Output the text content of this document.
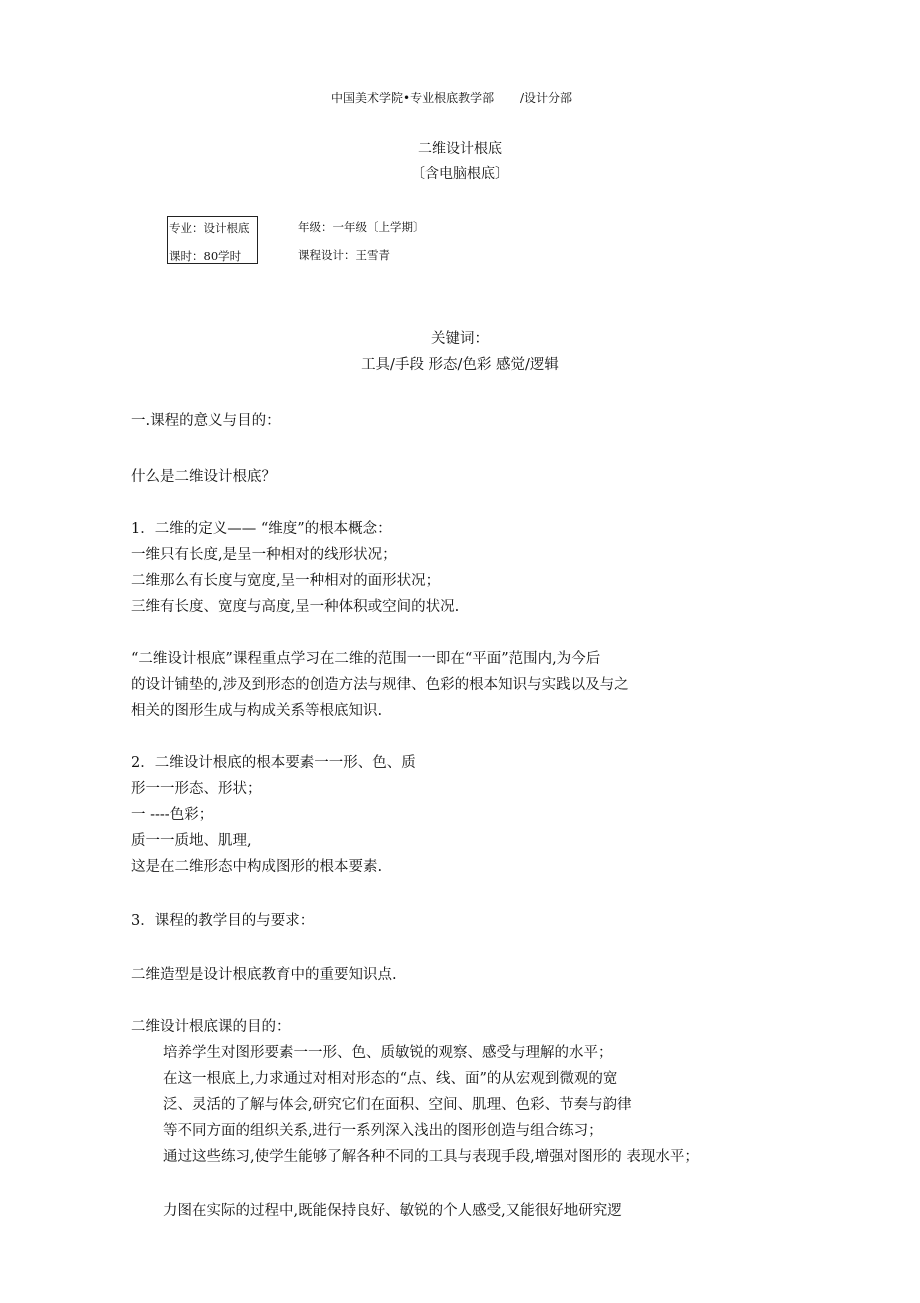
中国美术学院•专业根底教学部 /设计分部
二维设计根底
〔含电脑根底〕
专业：设计根底
课时：80学时
年级：一年级〔上学期〕
课程设计：王雪青
关键词：
工具/手段 形态/色彩 感觉/逻辑
一.课程的意义与目的：
什么是二维设计根底？
1．二维的定义—— “维度”的根本概念：
一维只有长度,是呈一种相对的线形状况；
二维那么有长度与宽度,呈一种相对的面形状况；
三维有长度、宽度与高度,呈一种体积或空间的状况.
“二维设计根底”课程重点学习在二维的范围一一即在“平面”范围内,为今后
的设计铺垫的,涉及到形态的创造方法与规律、色彩的根本知识与实践以及与之
相关的图形生成与构成关系等根底知识.
2．二维设计根底的根本要素一一形、色、质
形一一形态、形状；
一 ----色彩；
质一一质地、肌理,
这是在二维形态中构成图形的根本要素.
3．课程的教学目的与要求：
二维造型是设计根底教育中的重要知识点.
二维设计根底课的目的：
培养学生对图形要素一一形、色、质敏锐的观察、感受与理解的水平；
在这一根底上,力求通过对相对形态的“点、线、面”的从宏观到微观的宽
泛、灵活的了解与体会,研究它们在面积、空间、肌理、色彩、节奏与韵律
等不同方面的组织关系,进行一系列深入浅出的图形创造与组合练习；
通过这些练习,使学生能够了解各种不同的工具与表现手段,增强对图形的 表现水平；
力图在实际的过程中,既能保持良好、敏锐的个人感受,又能很好地研究逻
